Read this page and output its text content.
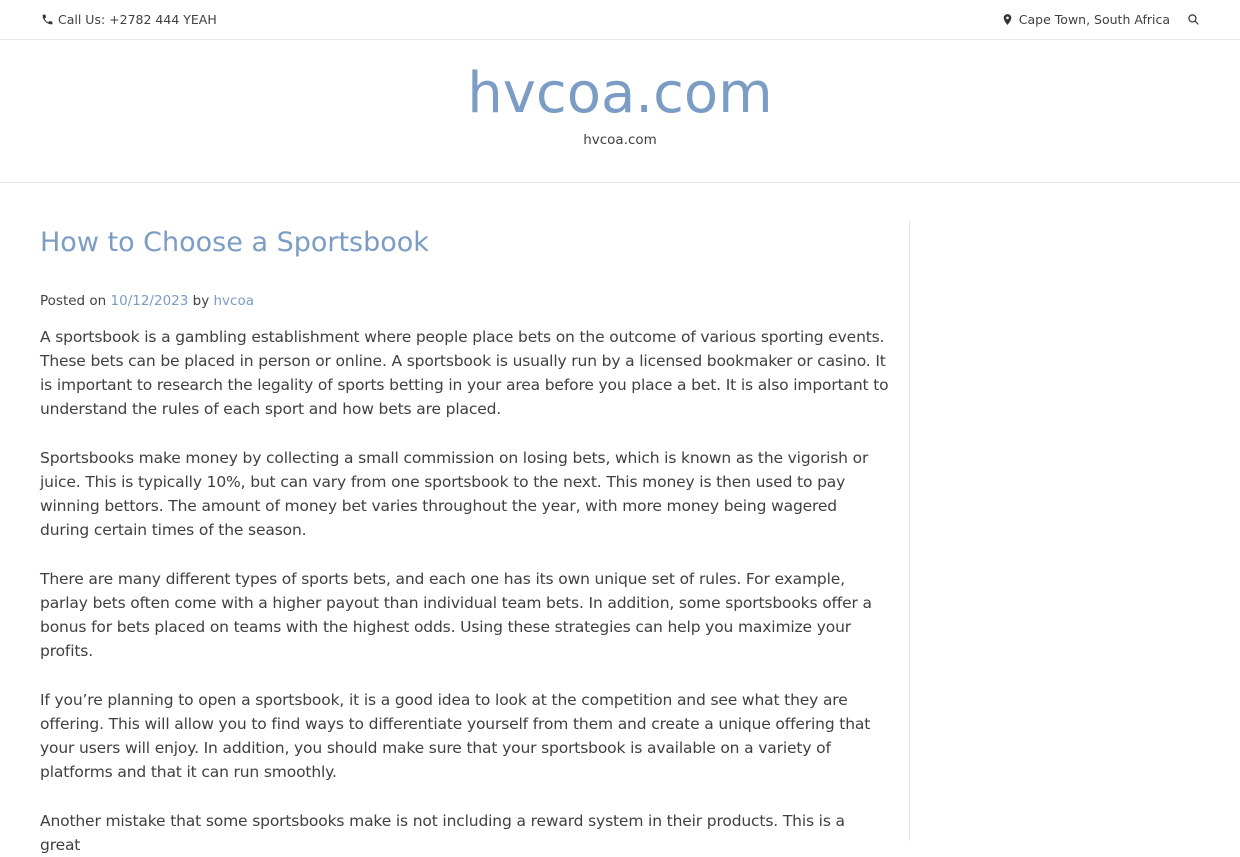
Call Us: +2782 444 YEAH	Cape Town, South Africa
hvcoa.com
hvcoa.com
How to Choose a Sportsbook
Posted on 10/12/2023 by hvcoa

A sportsbook is a gambling establishment where people place bets on the outcome of various sporting events. These bets can be placed in person or online. A sportsbook is usually run by a licensed bookmaker or casino. It is important to research the legality of sports betting in your area before you place a bet. It is also important to understand the rules of each sport and how bets are placed.

Sportsbooks make money by collecting a small commission on losing bets, which is known as the vigorish or juice. This is typically 10%, but can vary from one sportsbook to the next. This money is then used to pay winning bettors. The amount of money bet varies throughout the year, with more money being wagered during certain times of the season.

There are many different types of sports bets, and each one has its own unique set of rules. For example, parlay bets often come with a higher payout than individual team bets. In addition, some sportsbooks offer a bonus for bets placed on teams with the highest odds. Using these strategies can help you maximize your profits.

If you’re planning to open a sportsbook, it is a good idea to look at the competition and see what they are offering. This will allow you to find ways to differentiate yourself from them and create a unique offering that your users will enjoy. In addition, you should make sure that your sportsbook is available on a variety of platforms and that it can run smoothly.

Another mistake that some sportsbooks make is not including a reward system in their products. This is a great
